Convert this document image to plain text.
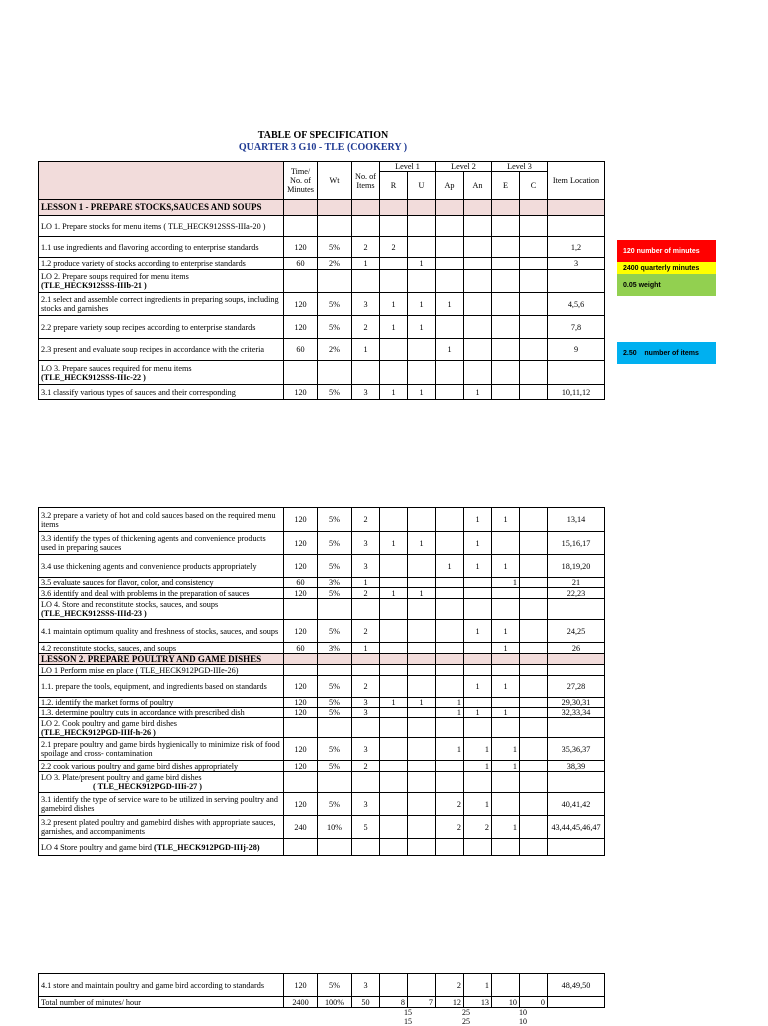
TABLE OF SPECIFICATION
QUARTER 3 G10 - TLE (COOKERY )
	Time/ No. of Minutes	Wt	No. of Items	Level 1		Level 2		Level 3		Item Location
				R	U	Ap	An	E	C	
LESSON 1 - PREPARE STOCKS,SAUCES AND SOUPS										
LO 1. Prepare stocks for menu items ( TLE_HECK912SSS-IIIa-20 )										
1.1 use ingredients and flavoring according to enterprise standards	120	5%	2	2						1,2
1.2 produce variety of stocks according to enterprise standards	60	2%	1		1					3
LO 2. Prepare soups required for menu items
(TLE_HECK912SSS-IIIb-21 )										
2.1 select and assemble correct ingredients in preparing soups, including stocks and garnishes	120	5%	3	1	1	1				4,5,6
2.2 prepare variety soup recipes according to enterprise standards	120	5%	2	1	1					7,8
2.3 present and evaluate soup recipes in accordance with the criteria	60	2%	1			1				9
LO 3. Prepare sauces required for menu items
(TLE_HECK912SSS-IIIc-22 )										
3.1 classify various types of sauces and their corresponding	120	5%	3	1	1		1			10,11,12
3.2 prepare a variety of hot and cold sauces based on the required menu items	120	5%	2				1	1		13,14
3.3 identify the types of thickening agents and convenience products used in preparing sauces	120	5%	3	1	1		1			15,16,17
3.4 use thickening agents and convenience products appropriately	120	5%	3			1	1	1		18,19,20
3.5 evaluate sauces for flavor, color, and consistency	60	3%	1					1		21
3.6 identify and deal with problems in the preparation of sauces	120	5%	2	1	1					22,23
LO 4. Store and reconstitute stocks, sauces, and soups
(TLE_HECK912SSS-IIId-23 )										
4.1 maintain optimum quality and freshness of stocks, sauces, and soups	120	5%	2				1	1		24,25
4.2 reconstitute stocks, sauces, and soups	60	3%	1					1		26
LESSON 2. PREPARE POULTRY AND GAME DISHES										
LO 1 Perform mise en place ( TLE_HECK912PGD-IIIe-26)										
1.1. prepare the tools, equipment, and ingredients based on standards	120	5%	2				1	1		27,28
1.2. identify the market forms of poultry	120	5%	3	1	1	1				29,30,31
1.3. determine poultry cuts in accordance with prescribed dish	120	5%	3			1	1	1		32,33,34
LO 2. Cook poultry and game bird dishes
(TLE_HECK912PGD-IIIf-h-26 )										
2.1 prepare poultry and game birds hygienically to minimize risk of food spoilage and cross- contamination	120	5%	3			1	1	1		35,36,37
2.2 cook various poultry and game bird dishes appropriately	120	5%	2				1	1		38,39
LO 3. Plate/present poultry and game bird dishes
( TLE_HECK912PGD-IIIi-27 )										
3.1 identify the type of service ware to be utilized in serving poultry and gamebird dishes	120	5%	3			2	1			40,41,42
3.2 present plated poultry and gamebird dishes with appropriate sauces, garnishes, and accompaniments	240	10%	5			2	2	1		43,44,45,46,47
LO 4 Store poultry and game bird (TLE_HECK912PGD-IIIj-28)										
4.1 store and maintain poultry and game bird according to standards	120	5%	3			2	1			48,49,50
Total number of minutes/ hour	2400	100%	50	8	7	12	13	10	0	
15	25	10
15	25	10
120
number of minutes
2400
quarterly minutes
0.05
weight
2.50
number of items
